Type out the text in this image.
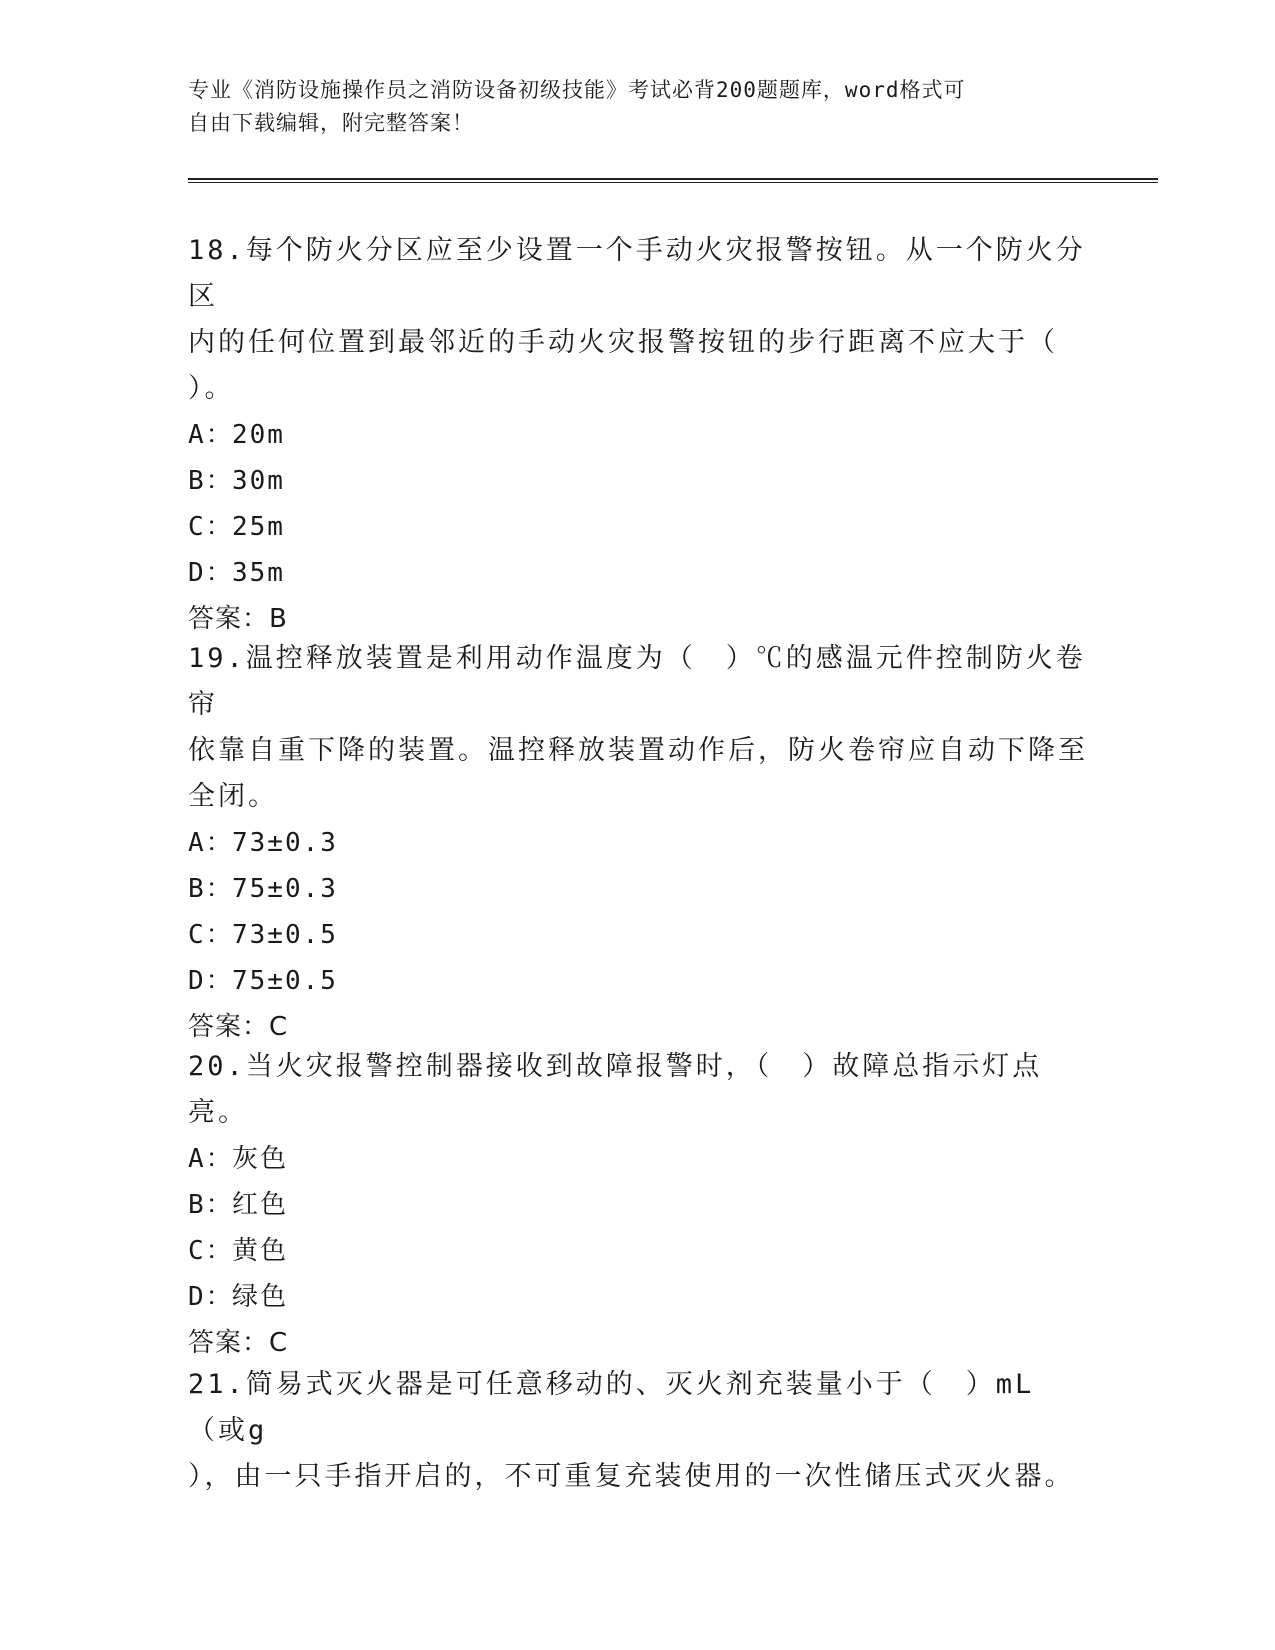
专业《消防设施操作员之消防设备初级技能》考试必背200题题库，word格式可
自由下载编辑，附完整答案！

18.每个防火分区应至少设置一个手动火灾报警按钮。从一个防火分区

内的任何位置到最邻近的手动火灾报警按钮的步行距离不应大于（

）。

A：20m

B：30m

C：25m

D：35m

答案：B

19.温控释放装置是利用动作温度为（　）℃的感温元件控制防火卷帘

依靠自重下降的装置。温控释放装置动作后，防火卷帘应自动下降至

全闭。

A：73±0.3

B：75±0.3

C：73±0.5

D：75±0.5

答案：C

20.当火灾报警控制器接收到故障报警时，（　）故障总指示灯点亮。

A：灰色

B：红色

C：黄色

D：绿色

答案：C

21.简易式灭火器是可任意移动的、灭火剂充装量小于（　）mL（或g

），由一只手指开启的，不可重复充装使用的一次性储压式灭火器。
